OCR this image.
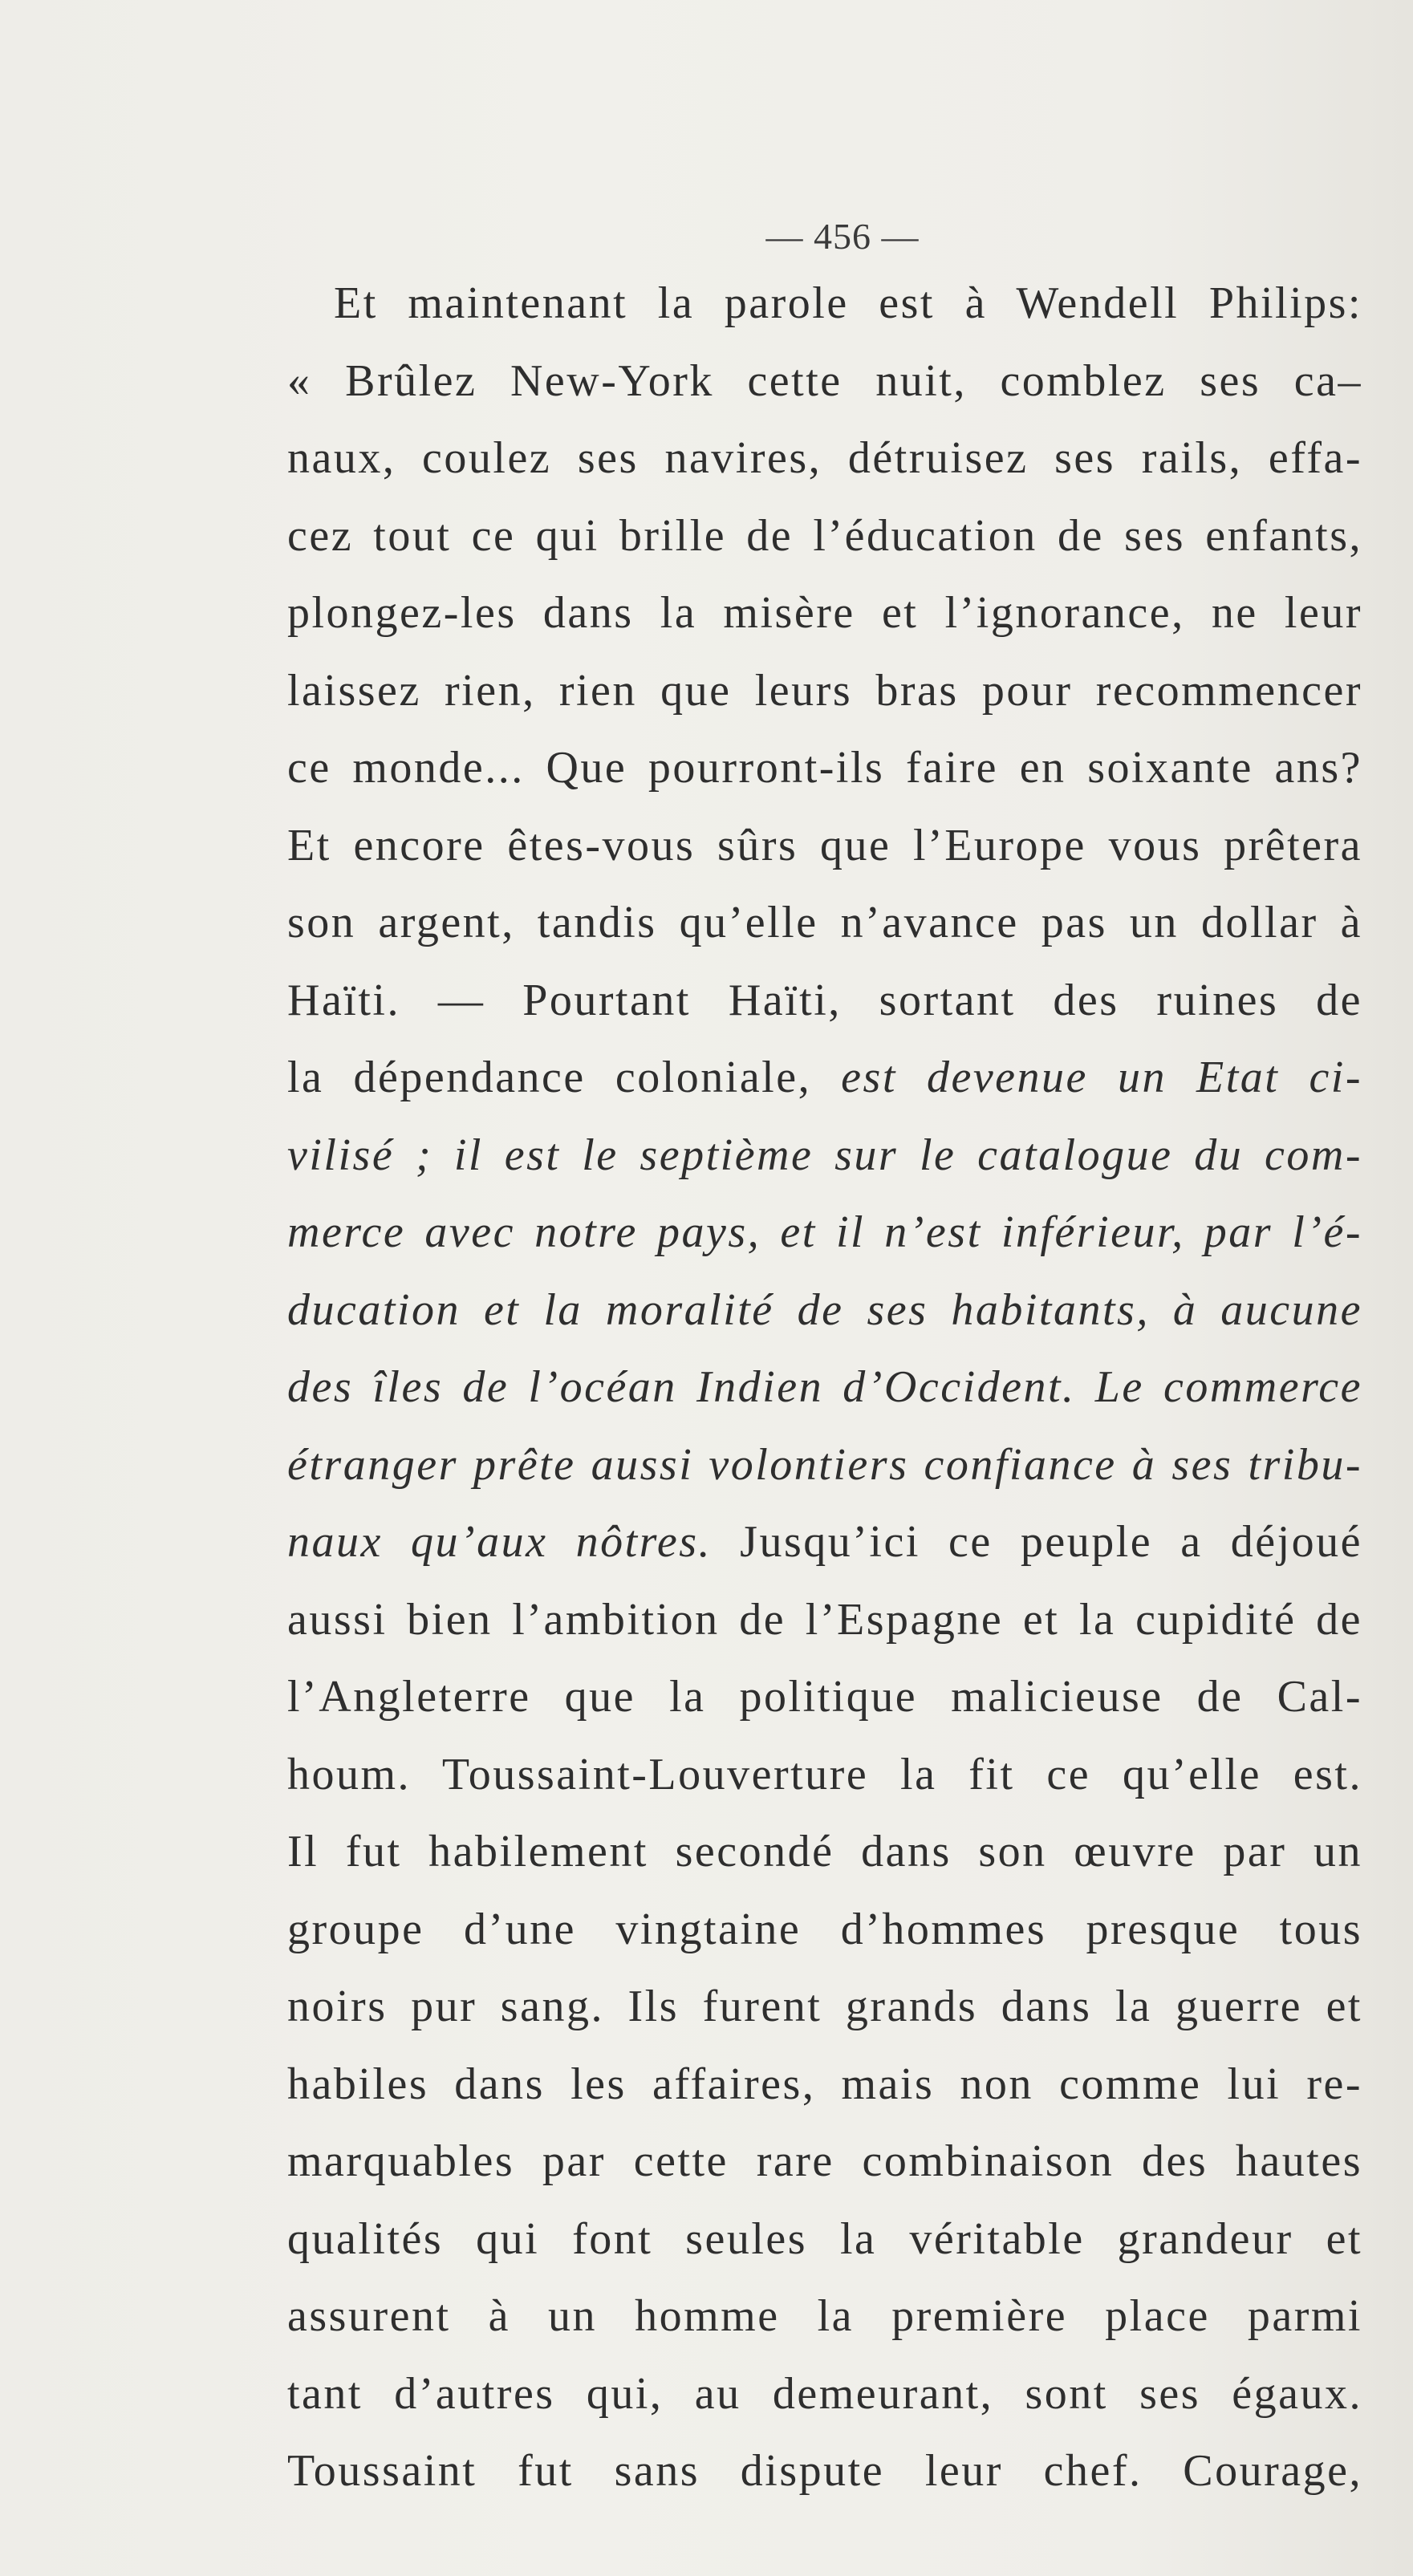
— 456 —
Et maintenant la parole est à Wendell Philips:
« Brûlez New-York cette nuit, comblez ses ca–
naux, coulez ses navires, détruisez ses rails, effa-
cez tout ce qui brille de l’éducation de ses enfants,
plongez-les dans la misère et l’ignorance, ne leur
laissez rien, rien que leurs bras pour recommencer
ce monde... Que pourront-ils faire en soixante ans?
Et encore êtes-vous sûrs que l’Europe vous prêtera
son argent, tandis qu’elle n’avance pas un dollar à
Haïti. — Pourtant Haïti, sortant des ruines de
la dépendance coloniale, est devenue un Etat ci-
vilisé ; il est le septième sur le catalogue du com-
merce avec notre pays, et il n’est inférieur, par l’é-
ducation et la moralité de ses habitants, à aucune
des îles de l’océan Indien d’Occident. Le commerce
étranger prête aussi volontiers confiance à ses tribu-
naux qu’aux nôtres. Jusqu’ici ce peuple a déjoué
aussi bien l’ambition de l’Espagne et la cupidité de
l’Angleterre que la politique malicieuse de Cal-
houm. Toussaint-Louverture la fit ce qu’elle est.
Il fut habilement secondé dans son œuvre par un
groupe d’une vingtaine d’hommes presque tous
noirs pur sang. Ils furent grands dans la guerre et
habiles dans les affaires, mais non comme lui re-
marquables par cette rare combinaison des hautes
qualités qui font seules la véritable grandeur et
assurent à un homme la première place parmi
tant d’autres qui, au demeurant, sont ses égaux.
Toussaint fut sans dispute leur chef. Courage,
